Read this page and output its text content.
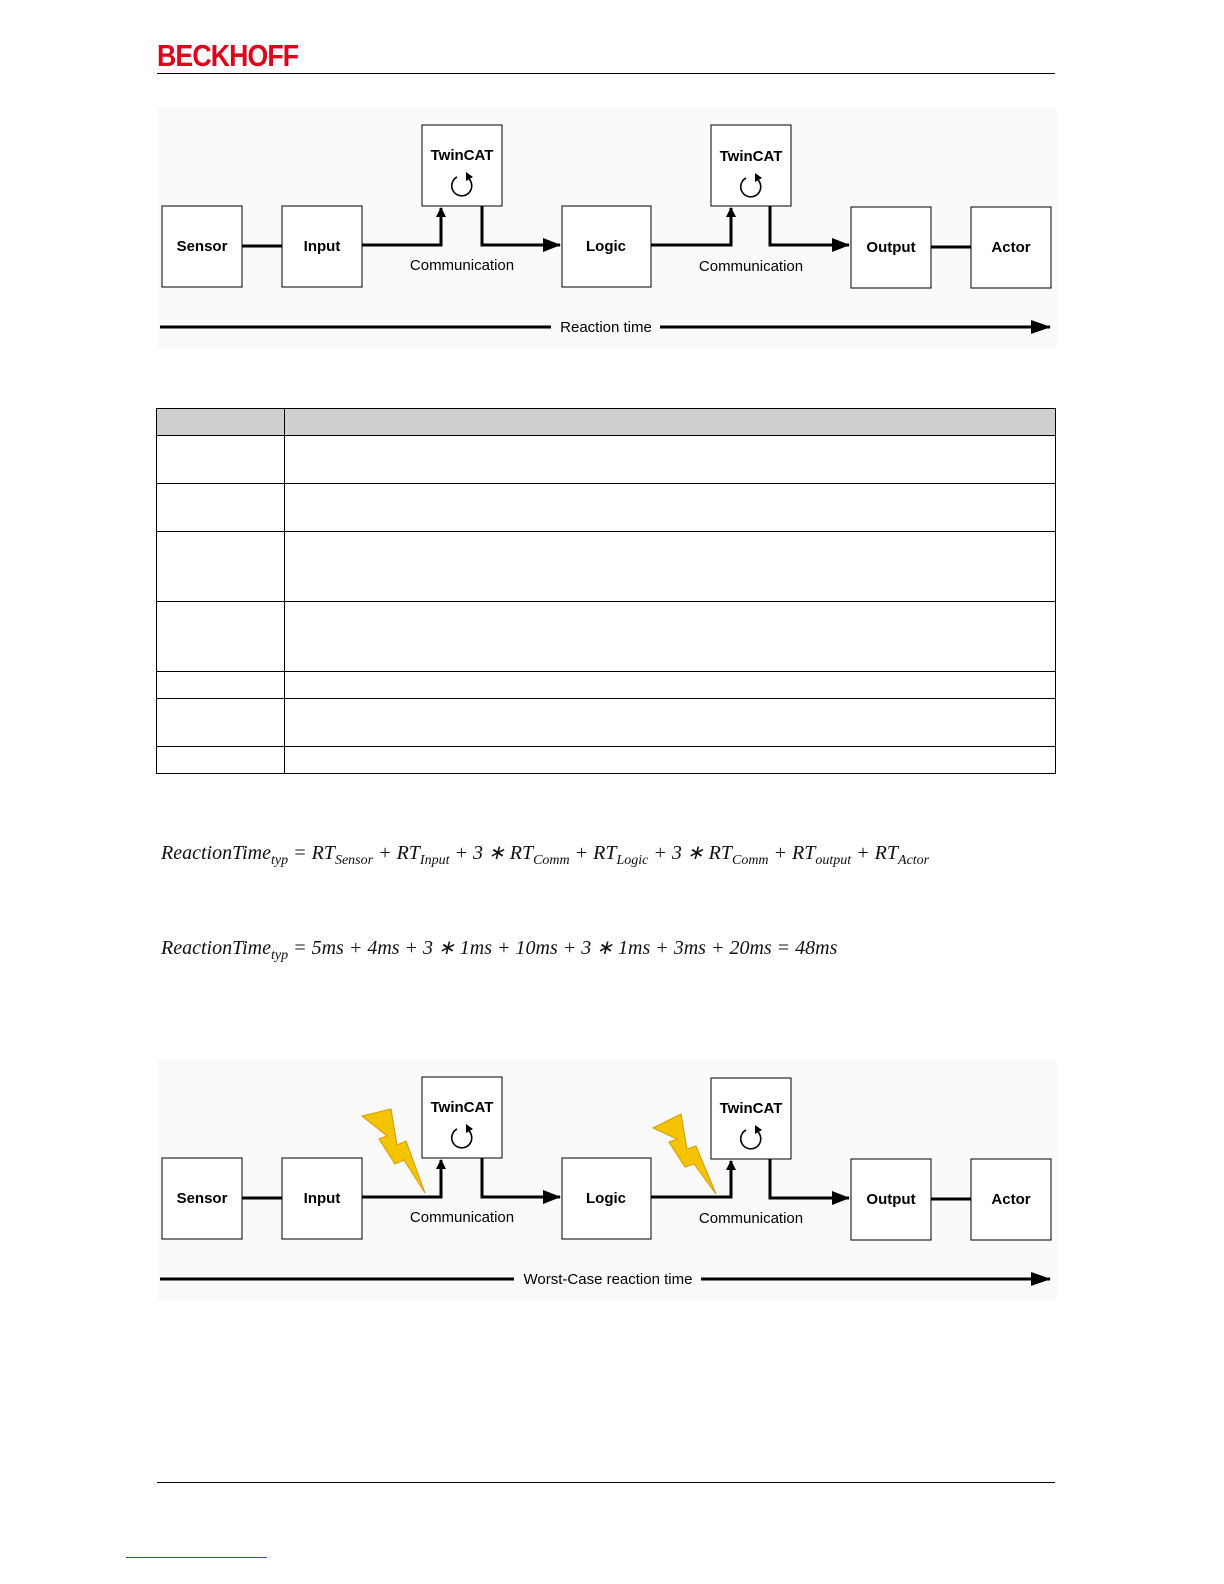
BECKHOFF
Sensor	Input
TwinCAT
Logic
TwinCAT
Output	Actor
Communication	Communication
Reaction time

ReactionTime$_{typ}$ = $RT_{Sensor} + RT_{Input} + 3$ ∗ $RT_{Comm} + RT_{Logic} + 3$ ∗ $RT_{Comm} + RT_{output} + RT_{Actor}$
ReactionTime$_{typ}$ = 5ms + 4ms + 3 ∗ 1ms + 10ms + 3 ∗ 1ms + 3ms + 20ms = 48ms
Sensor	Input
TwinCAT
Logic
TwinCAT
Output	Actor
Communication	Communication
Worst-Case reaction time
